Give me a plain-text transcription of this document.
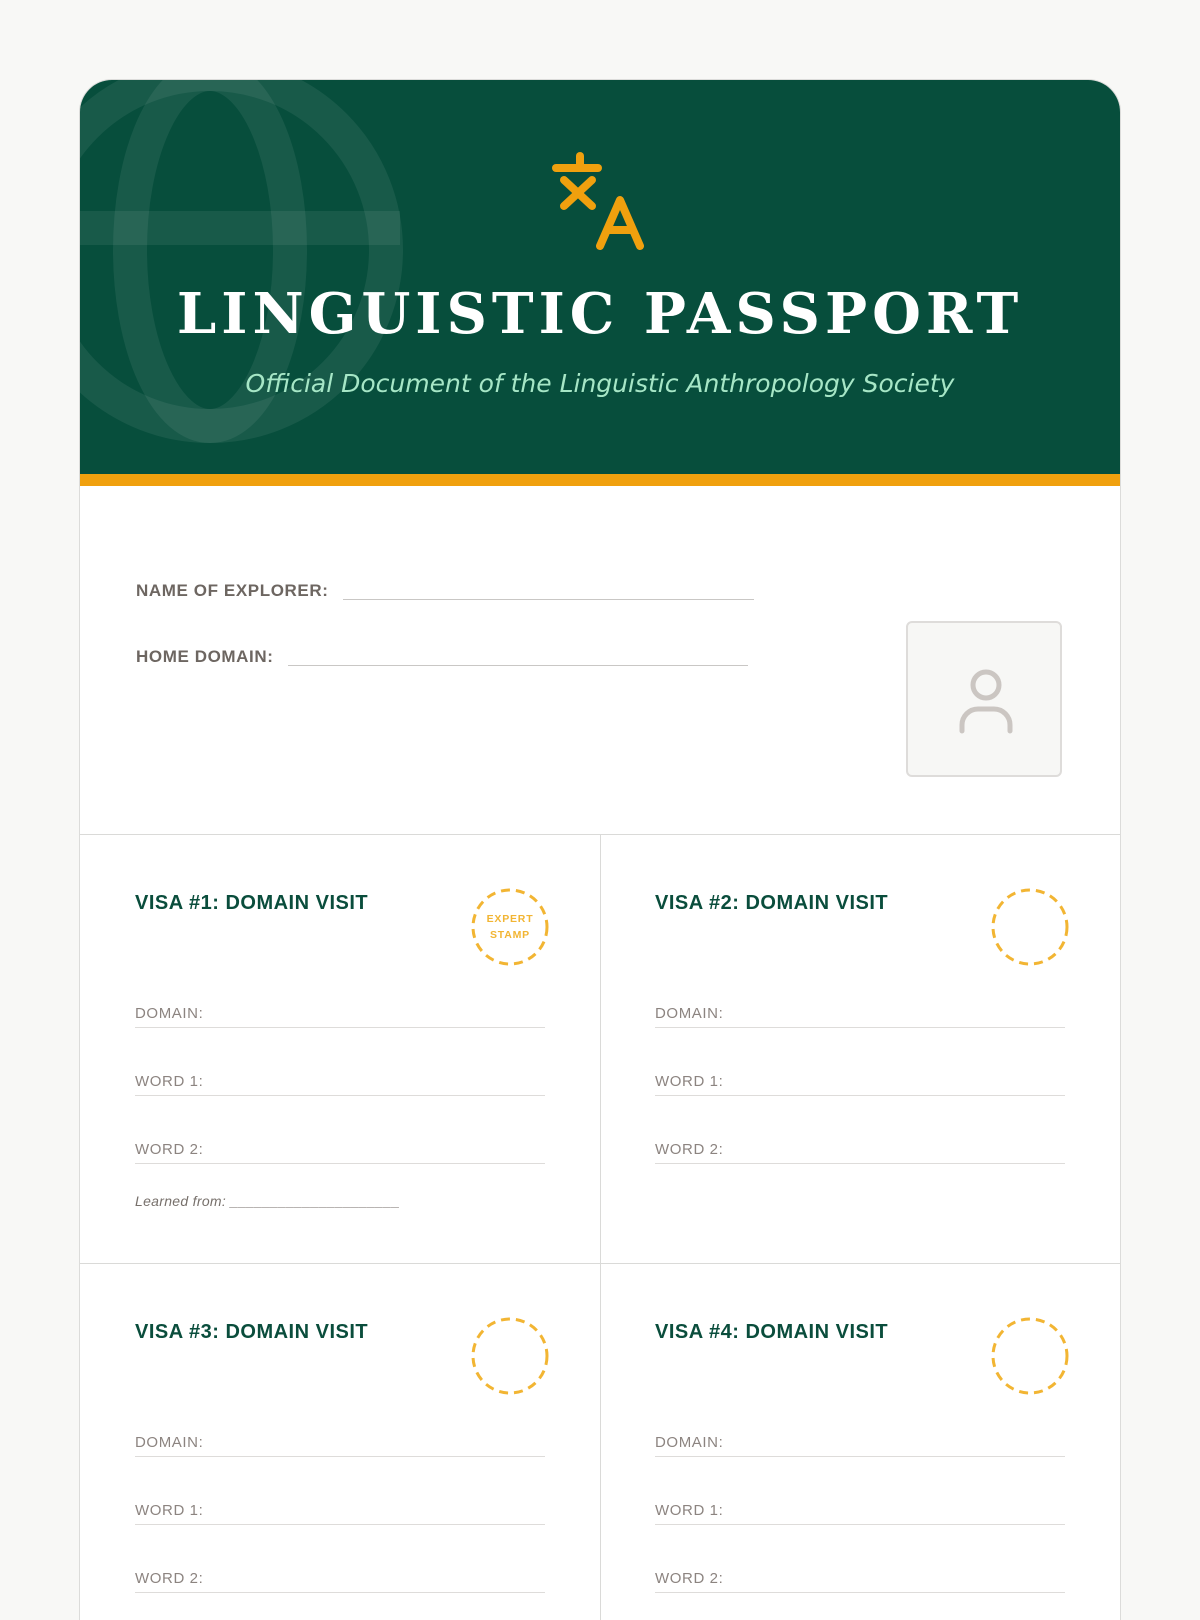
LINGUISTIC PASSPORT
Official Document of the Linguistic Anthropology Society
NAME OF EXPLORER:
HOME DOMAIN:
VISA #1: DOMAIN VISIT
EXPERT STAMP
DOMAIN:
WORD 1:
WORD 2:
Learned from: _____________________
VISA #2: DOMAIN VISIT
DOMAIN:
WORD 1:
WORD 2:
VISA #3: DOMAIN VISIT
DOMAIN:
WORD 1:
WORD 2:
VISA #4: DOMAIN VISIT
DOMAIN:
WORD 1:
WORD 2:
